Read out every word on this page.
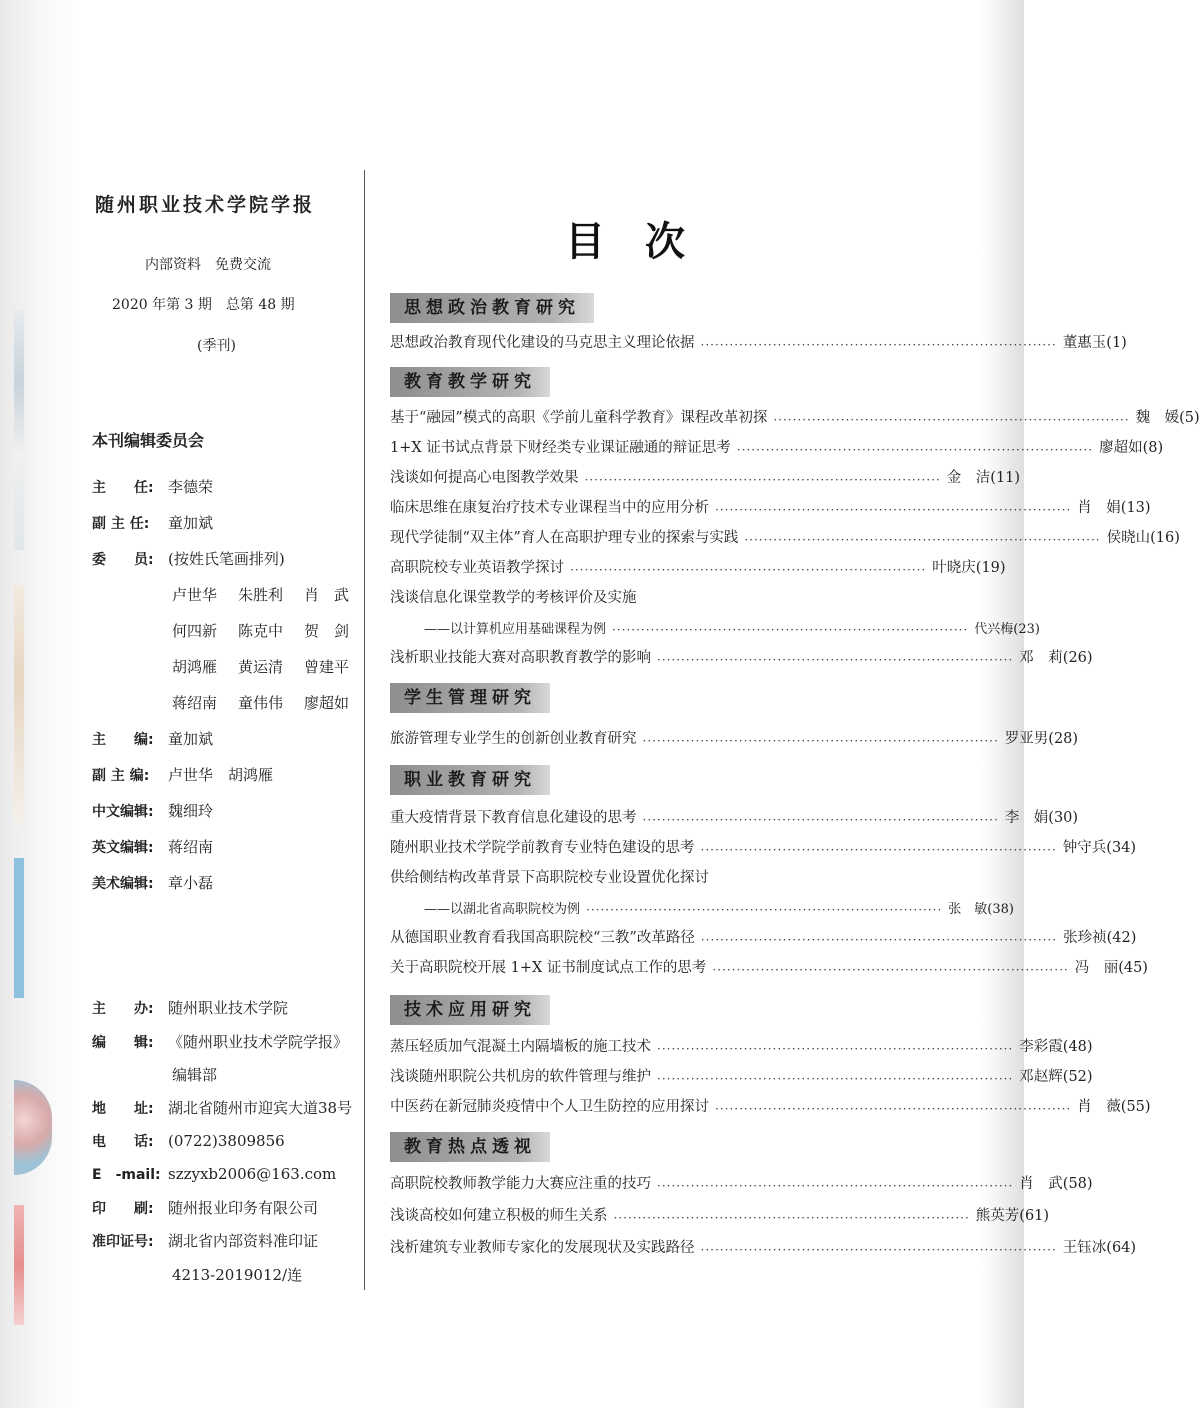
随州职业技术学院学报
内部资料　免费交流
2020 年第 3 期　总第 48 期
(季刊)
本刊编辑委员会
主　　任: 李德荣
副 主 任: 童加斌
委　　员: (按姓氏笔画排列)
卢世华 朱胜利 肖　武
何四新 陈克中 贺　剑
胡鸿雁 黄运清 曾建平
蒋绍南 童伟伟 廖超如
主　　编: 童加斌
副 主 编: 卢世华　胡鸿雁
中文编辑: 魏细玲
英文编辑: 蒋绍南
美术编辑: 章小磊
主　　办: 随州职业技术学院
编　　辑: 《随州职业技术学院学报》
编辑部
地　　址: 湖北省随州市迎宾大道38号
电　　话: (0722)3809856
E　-mail: szzyxb2006@163.com
印　　刷: 随州报业印务有限公司
准印证号: 湖北省内部资料准印证
4213-2019012/连
目次
思想政治教育研究
思想政治教育现代化建设的马克思主义理论依据 ·········································································· 董惠玉(1)
教育教学研究
基于“融园”模式的高职《学前儿童科学教育》课程改革初探 ·········································································· 魏　媛(5)
1+X 证书试点背景下财经类专业课证融通的辩证思考 ·········································································· 廖超如(8)
浅谈如何提高心电图教学效果 ·········································································· 金　洁(11)
临床思维在康复治疗技术专业课程当中的应用分析 ·········································································· 肖　娟(13)
现代学徒制“双主体”育人在高职护理专业的探索与实践 ·········································································· 侯晓山(16)
高职院校专业英语教学探讨 ·········································································· 叶晓庆(19)
浅谈信息化课堂教学的考核评价及实施
——以计算机应用基础课程为例 ·········································································· 代兴梅(23)
浅析职业技能大赛对高职教育教学的影响 ·········································································· 邓　莉(26)
学生管理研究
旅游管理专业学生的创新创业教育研究 ·········································································· 罗亚男(28)
职业教育研究
重大疫情背景下教育信息化建设的思考 ·········································································· 李　娟(30)
随州职业技术学院学前教育专业特色建设的思考 ·········································································· 钟守兵(34)
供给侧结构改革背景下高职院校专业设置优化探讨
——以湖北省高职院校为例 ·········································································· 张　敏(38)
从德国职业教育看我国高职院校“三教”改革路径 ·········································································· 张珍祯(42)
关于高职院校开展 1+X 证书制度试点工作的思考 ·········································································· 冯　丽(45)
技术应用研究
蒸压轻质加气混凝土内隔墙板的施工技术 ·········································································· 李彩霞(48)
浅谈随州职院公共机房的软件管理与维护 ·········································································· 邓赵辉(52)
中医药在新冠肺炎疫情中个人卫生防控的应用探讨 ·········································································· 肖　薇(55)
教育热点透视
高职院校教师教学能力大赛应注重的技巧 ·········································································· 肖　武(58)
浅谈高校如何建立积极的师生关系 ·········································································· 熊英芳(61)
浅析建筑专业教师专家化的发展现状及实践路径 ·········································································· 王钰冰(64)
